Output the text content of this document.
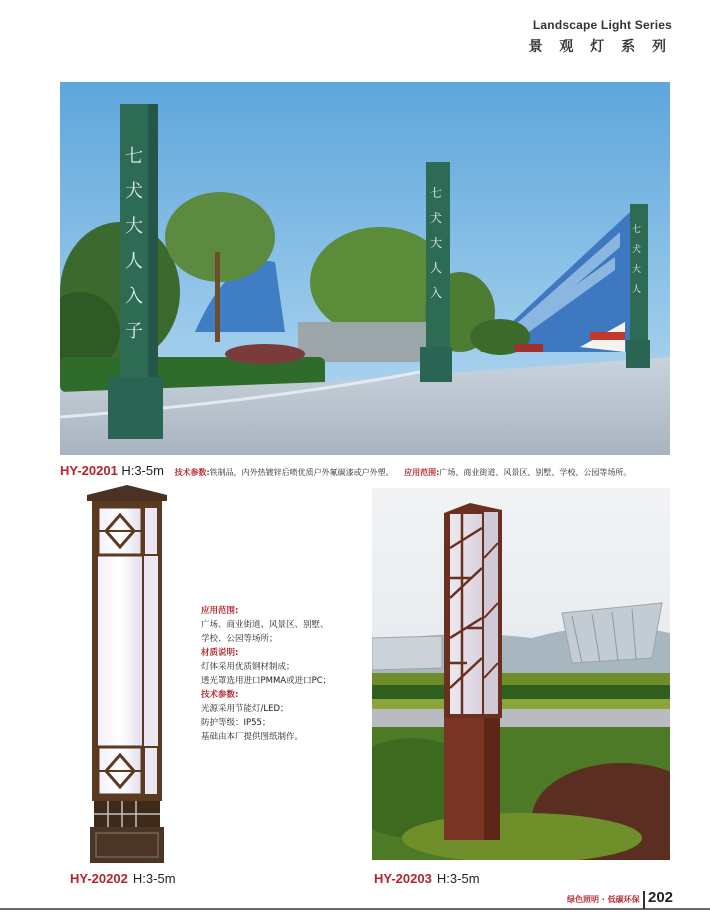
Landscape Light Series
景 观 灯 系 列
七
犬
大
人
入
子
七
犬
大
人
入
七
犬
大
人
HY-20201 H:3-5m 技术参数:铁制品，内外热镀锌后喷优质户外氟碳漆或户外塑。 应用范围:广场、商业街道、风景区、别墅、学校、公园等场所。
HY-20202 H:3-5m
应用范围:
广场、商业街道、风景区、别墅、
学校、公园等场所；
材质说明:
灯体采用优质钢材制成；
透光罩选用进口PMMA或进口PC；
技术参数:
光源采用节能灯/LED；
防护等级：IP55；
基础由本厂提供图纸制作。
HY-20203 H:3-5m
绿色照明 · 低碳环保 202
